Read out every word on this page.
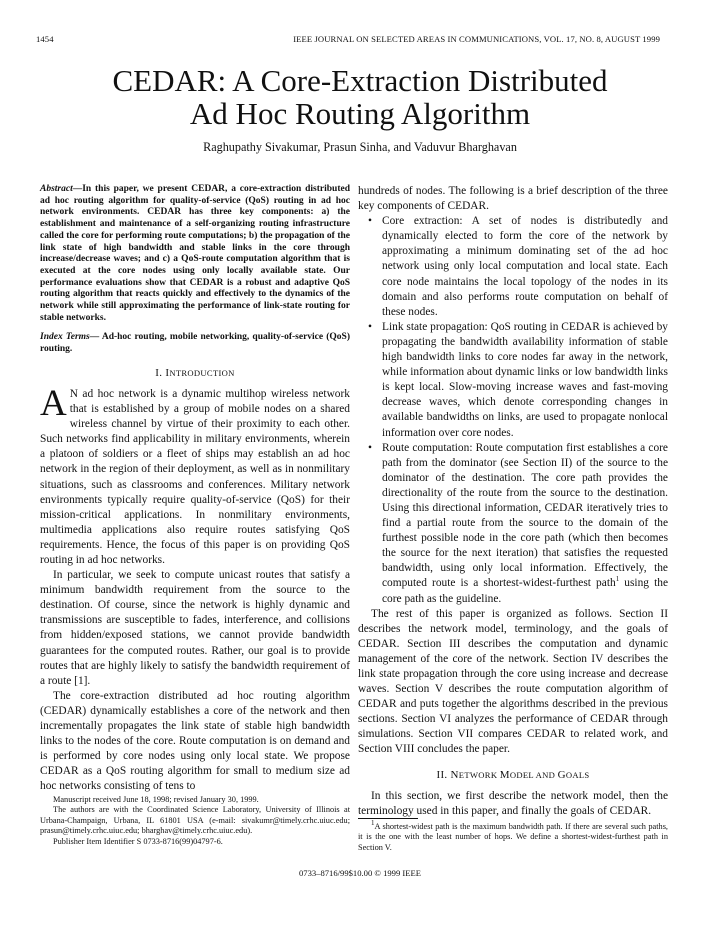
1454	IEEE JOURNAL ON SELECTED AREAS IN COMMUNICATIONS, VOL. 17, NO. 8, AUGUST 1999
CEDAR: A Core-Extraction Distributed
Ad Hoc Routing Algorithm
Raghupathy Sivakumar, Prasun Sinha, and Vaduvur Bharghavan

Abstract—In this paper, we present CEDAR, a core-extraction distributed ad hoc routing algorithm for quality-of-service (QoS) routing in ad hoc network environments. CEDAR has three key components: a) the establishment and maintenance of a self-organizing routing infrastructure called the core for performing route computations; b) the propagation of the link state of high bandwidth and stable links in the core through increase/decrease waves; and c) a QoS-route computation algorithm that is executed at the core nodes using only locally available state. Our performance evaluations show that CEDAR is a robust and adaptive QoS routing algorithm that reacts quickly and effectively to the dynamics of the network while still approximating the performance of link-state routing for stable networks.

Index Terms— Ad-hoc routing, mobile networking, quality-of-service (QoS) routing.

I. INTRODUCTION

A N ad hoc network is a dynamic multihop wireless network that is established by a group of mobile nodes on a shared wireless channel by virtue of their proximity to each other. Such networks find applicability in military environments, wherein a platoon of soldiers or a fleet of ships may establish an ad hoc network in the region of their deployment, as well as in nonmilitary situations, such as classrooms and conferences. Military network environments typically require quality-of-service (QoS) for their mission-critical applications. In nonmilitary environments, multimedia applications also require routes satisfying QoS requirements. Hence, the focus of this paper is on providing QoS routing in ad hoc networks.

In particular, we seek to compute unicast routes that satisfy a minimum bandwidth requirement from the source to the destination. Of course, since the network is highly dynamic and transmissions are susceptible to fades, interference, and collisions from hidden/exposed stations, we cannot provide bandwidth guarantees for the computed routes. Rather, our goal is to provide routes that are highly likely to satisfy the bandwidth requirement of a route [1].

The core-extraction distributed ad hoc routing algorithm (CEDAR) dynamically establishes a core of the network and then incrementally propagates the link state of stable high bandwidth links to the nodes of the core. Route computation is on demand and is performed by core nodes using only local state. We propose CEDAR as a QoS routing algorithm for small to medium size ad hoc networks consisting of tens to

Manuscript received June 18, 1998; revised January 30, 1999.

The authors are with the Coordinated Science Laboratory, University of Illinois at Urbana-Champaign, Urbana, IL 61801 USA (e-mail: sivakumr@timely.crhc.uiuc.edu; prasun@timely.crhc.uiuc.edu; bharghav@timely.crhc.uiuc.edu).

Publisher Item Identifier S 0733-8716(99)04797-6.

hundreds of nodes. The following is a brief description of the three key components of CEDAR.

• Core extraction: A set of nodes is distributedly and dynamically elected to form the core of the network by approximating a minimum dominating set of the ad hoc network using only local computation and local state. Each core node maintains the local topology of the nodes in its domain and also performs route computation on behalf of these nodes.
• Link state propagation: QoS routing in CEDAR is achieved by propagating the bandwidth availability information of stable high bandwidth links to core nodes far away in the network, while information about dynamic links or low bandwidth links is kept local. Slow-moving increase waves and fast-moving decrease waves, which denote corresponding changes in available bandwidths on links, are used to propagate nonlocal information over core nodes.
• Route computation: Route computation first establishes a core path from the dominator (see Section II) of the source to the dominator of the destination. The core path provides the directionality of the route from the source to the destination. Using this directional information, CEDAR iteratively tries to find a partial route from the source to the domain of the furthest possible node in the core path (which then becomes the source for the next iteration) that satisfies the requested bandwidth, using only local information. Effectively, the computed route is a shortest-widest-furthest path$^1$ using the core path as the guideline.

The rest of this paper is organized as follows. Section II describes the network model, terminology, and the goals of CEDAR. Section III describes the computation and dynamic management of the core of the network. Section IV describes the link state propagation through the core using increase and decrease waves. Section V describes the route computation algorithm of CEDAR and puts together the algorithms described in the previous sections. Section VI analyzes the performance of CEDAR through simulations. Section VII compares CEDAR to related work, and Section VIII concludes the paper.

II. NETWORK MODEL AND GOALS

In this section, we first describe the network model, then the terminology used in this paper, and finally the goals of CEDAR.

$^1$A shortest-widest path is the maximum bandwidth path. If there are several such paths, it is the one with the least number of hops. We define a shortest-widest-furthest path in Section V.

0733–8716/99$10.00 © 1999 IEEE
